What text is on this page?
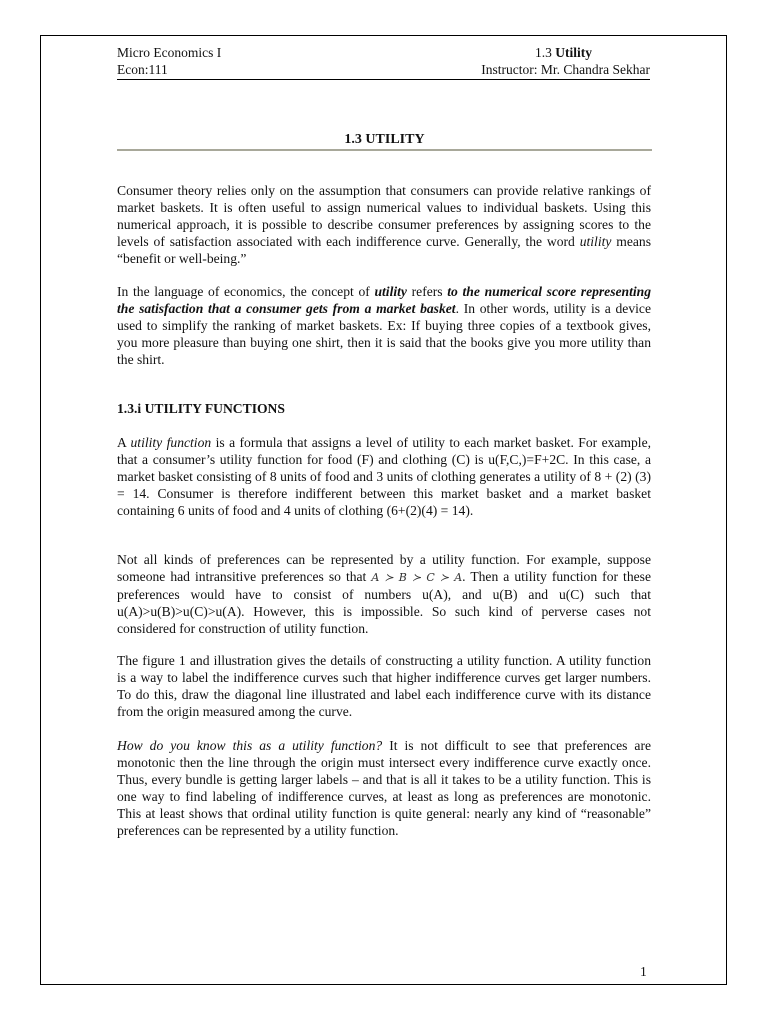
Micro Economics I	1.3 Utility
Econ:111	Instructor: Mr. Chandra Sekhar
1.3 UTILITY

Consumer theory relies only on the assumption that consumers can provide relative rankings of market baskets. It is often useful to assign numerical values to individual baskets. Using this numerical approach, it is possible to describe consumer preferences by assigning scores to the levels of satisfaction associated with each indifference curve. Generally, the word utility means “benefit or well-being.”

In the language of economics, the concept of utility refers to the numerical score representing the satisfaction that a consumer gets from a market basket. In other words, utility is a device used to simplify the ranking of market baskets. Ex: If buying three copies of a textbook gives, you more pleasure than buying one shirt, then it is said that the books give you more utility than the shirt.

1.3.i UTILITY FUNCTIONS

A utility function is a formula that assigns a level of utility to each market basket. For example, that a consumer’s utility function for food (F) and clothing (C) is u(F,C,)=F+2C. In this case, a market basket consisting of 8 units of food and 3 units of clothing generates a utility of 8 + (2) (3) = 14. Consumer is therefore indifferent between this market basket and a market basket containing 6 units of food and 4 units of clothing (6+(2)(4) = 14).

Not all kinds of preferences can be represented by a utility function. For example, suppose someone had intransitive preferences so that A ≻ B ≻ C ≻ A. Then a utility function for these preferences would have to consist of numbers u(A), and u(B) and u(C) such that u(A)>u(B)>u(C)>u(A). However, this is impossible. So such kind of perverse cases not considered for construction of utility function.

The figure 1 and illustration gives the details of constructing a utility function. A utility function is a way to label the indifference curves such that higher indifference curves get larger numbers. To do this, draw the diagonal line illustrated and label each indifference curve with its distance from the origin measured among the curve.

How do you know this as a utility function? It is not difficult to see that preferences are monotonic then the line through the origin must intersect every indifference curve exactly once. Thus, every bundle is getting larger labels – and that is all it takes to be a utility function. This is one way to find labeling of indifference curves, at least as long as preferences are monotonic. This at least shows that ordinal utility function is quite general: nearly any kind of “reasonable” preferences can be represented by a utility function.

1
